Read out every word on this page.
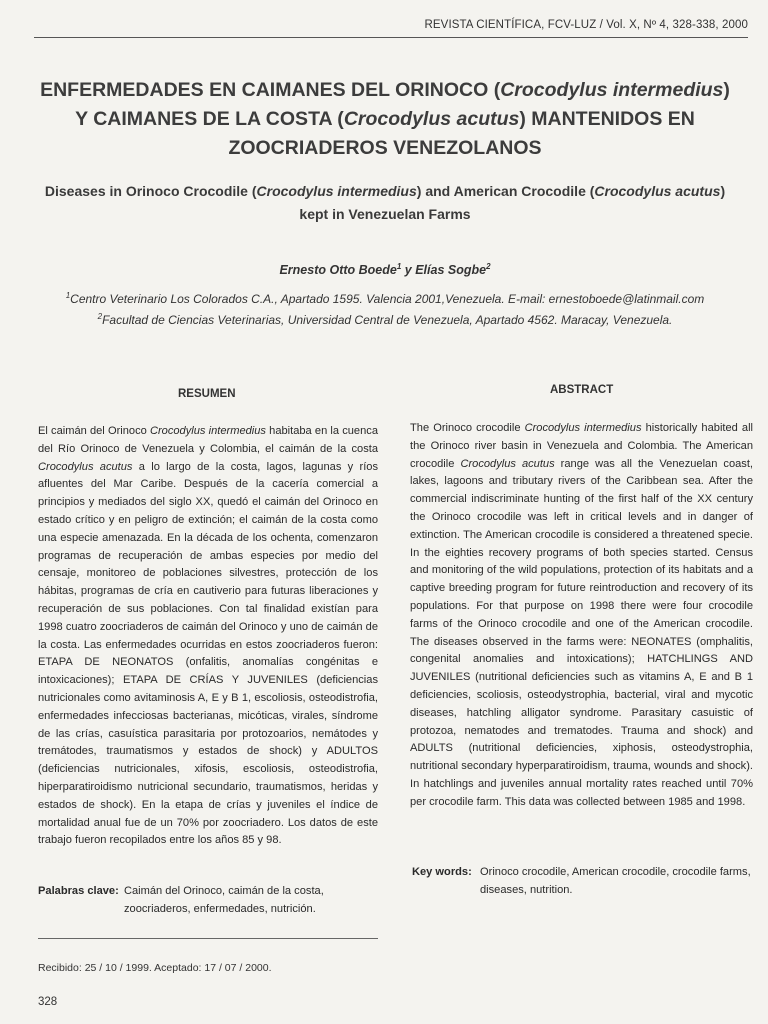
REVISTA CIENTÍFICA, FCV-LUZ / Vol. X, Nº 4, 328-338, 2000
ENFERMEDADES EN CAIMANES DEL ORINOCO (Crocodylus intermedius) Y CAIMANES DE LA COSTA (Crocodylus acutus) MANTENIDOS EN ZOOCRIADEROS VENEZOLANOS
Diseases in Orinoco Crocodile (Crocodylus intermedius) and American Crocodile (Crocodylus acutus) kept in Venezuelan Farms

Ernesto Otto Boede$^1$ y Elías Sogbe$^2$

$^1$Centro Veterinario Los Colorados C.A., Apartado 1595. Valencia 2001,Venezuela. E-mail: ernestoboede@latinmail.com
$^2$Facultad de Ciencias Veterinarias, Universidad Central de Venezuela, Apartado 4562. Maracay, Venezuela.
RESUMEN

El caimán del Orinoco Crocodylus intermedius habitaba en la cuenca del Río Orinoco de Venezuela y Colombia, el caimán de la costa Crocodylus acutus a lo largo de la costa, lagos, lagunas y ríos afluentes del Mar Caribe. Después de la cacería comercial a principios y mediados del siglo XX, quedó el caimán del Orinoco en estado crítico y en peligro de extinción; el caimán de la costa como una especie amenazada. En la década de los ochenta, comenzaron programas de recuperación de ambas especies por medio del censaje, monitoreo de poblaciones silvestres, protección de los hábitas, programas de cría en cautiverio para futuras liberaciones y recuperación de sus poblaciones. Con tal finalidad existían para 1998 cuatro zoocriaderos de caimán del Orinoco y uno de caimán de la costa. Las enfermedades ocurridas en estos zoocriaderos fueron: ETAPA DE NEONATOS (onfalitis, anomalías congénitas e intoxicaciones); ETAPA DE CRÍAS Y JUVENILES (deficiencias nutricionales como avitaminosis A, E y B 1, escoliosis, osteodistrofia, enfermedades infecciosas bacterianas, micóticas, virales, síndrome de las crías, casuística parasitaria por protozoarios, nemátodes y tremátodes, traumatismos y estados de shock) y ADULTOS (deficiencias nutricionales, xifosis, escoliosis, osteodistrofia, hiperparatiroidismo nutricional secundario, traumatismos, heridas y estados de shock). En la etapa de crías y juveniles el índice de mortalidad anual fue de un 70% por zoocriadero. Los datos de este trabajo fueron recopilados entre los años 85 y 98.

Palabras clave: Caimán del Orinoco, caimán de la costa, zoocriaderos, enfermedades, nutrición.
ABSTRACT

The Orinoco crocodile Crocodylus intermedius historically habited all the Orinoco river basin in Venezuela and Colombia. The American crocodile Crocodylus acutus range was all the Venezuelan coast, lakes, lagoons and tributary rivers of the Caribbean sea. After the commercial indiscriminate hunting of the first half of the XX century the Orinoco crocodile was left in critical levels and in danger of extinction. The American crocodile is considered a threatened specie. In the eighties recovery programs of both species started. Census and monitoring of the wild populations, protection of its habitats and a captive breeding program for future reintroduction and recovery of its populations. For that purpose on 1998 there were four crocodile farms of the Orinoco crocodile and one of the American crocodile. The diseases observed in the farms were: NEONATES (omphalitis, congenital anomalies and intoxications); HATCHLINGS AND JUVENILES (nutritional deficiencies such as vitamins A, E and B 1 deficiencies, scoliosis, osteodystrophia, bacterial, viral and mycotic diseases, hatchling alligator syndrome. Parasitary casuistic of protozoa, nematodes and trematodes. Trauma and shock) and ADULTS (nutritional deficiencies, xiphosis, osteodystrophia, nutritional secondary hyperparatiroidism, trauma, wounds and shock). In hatchlings and juveniles annual mortality rates reached until 70% per crocodile farm. This data was collected between 1985 and 1998.

Key words: Orinoco crocodile, American crocodile, crocodile farms, diseases, nutrition.
Recibido: 25 / 10 / 1999. Aceptado: 17 / 07 / 2000.
328
